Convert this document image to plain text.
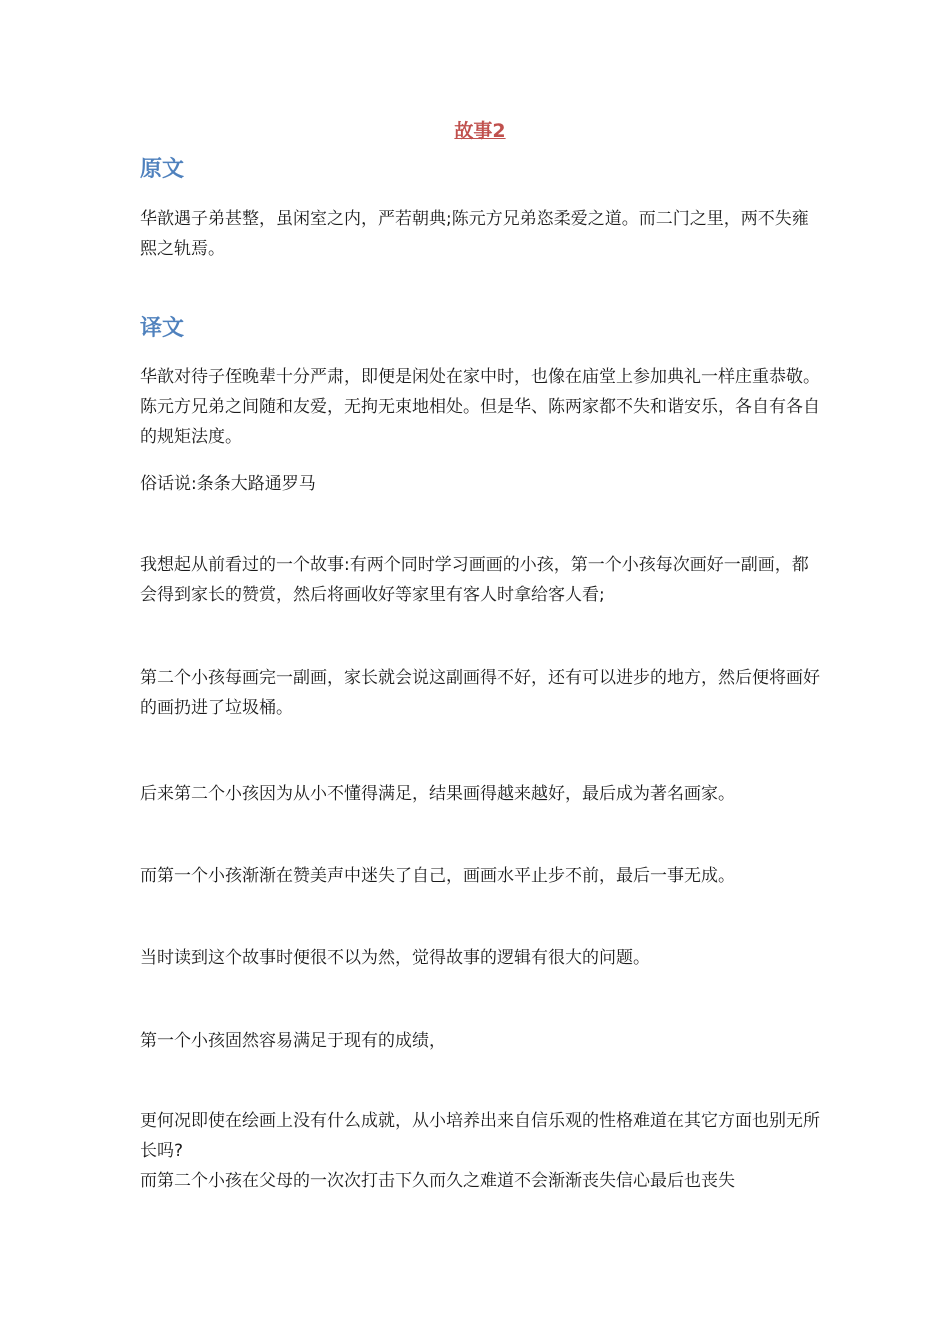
故事2
原文

华歆遇子弟甚整，虽闲室之内，严若朝典;陈元方兄弟恣柔爱之道。而二门之里，两不失雍熙之轨焉。

译文

华歆对待子侄晚辈十分严肃，即便是闲处在家中时，也像在庙堂上参加典礼一样庄重恭敬。陈元方兄弟之间随和友爱，无拘无束地相处。但是华、陈两家都不失和谐安乐，各自有各自的规矩法度。

俗话说:条条大路通罗马

我想起从前看过的一个故事:有两个同时学习画画的小孩，第一个小孩每次画好一副画，都会得到家长的赞赏，然后将画收好等家里有客人时拿给客人看;

第二个小孩每画完一副画，家长就会说这副画得不好，还有可以进步的地方，然后便将画好的画扔进了垃圾桶。

后来第二个小孩因为从小不懂得满足，结果画得越来越好，最后成为著名画家。

而第一个小孩渐渐在赞美声中迷失了自己，画画水平止步不前，最后一事无成。

当时读到这个故事时便很不以为然，觉得故事的逻辑有很大的问题。

第一个小孩固然容易满足于现有的成绩，

更何况即使在绘画上没有什么成就，从小培养出来自信乐观的性格难道在其它方面也别无所长吗?

而第二个小孩在父母的一次次打击下久而久之难道不会渐渐丧失信心最后也丧失
